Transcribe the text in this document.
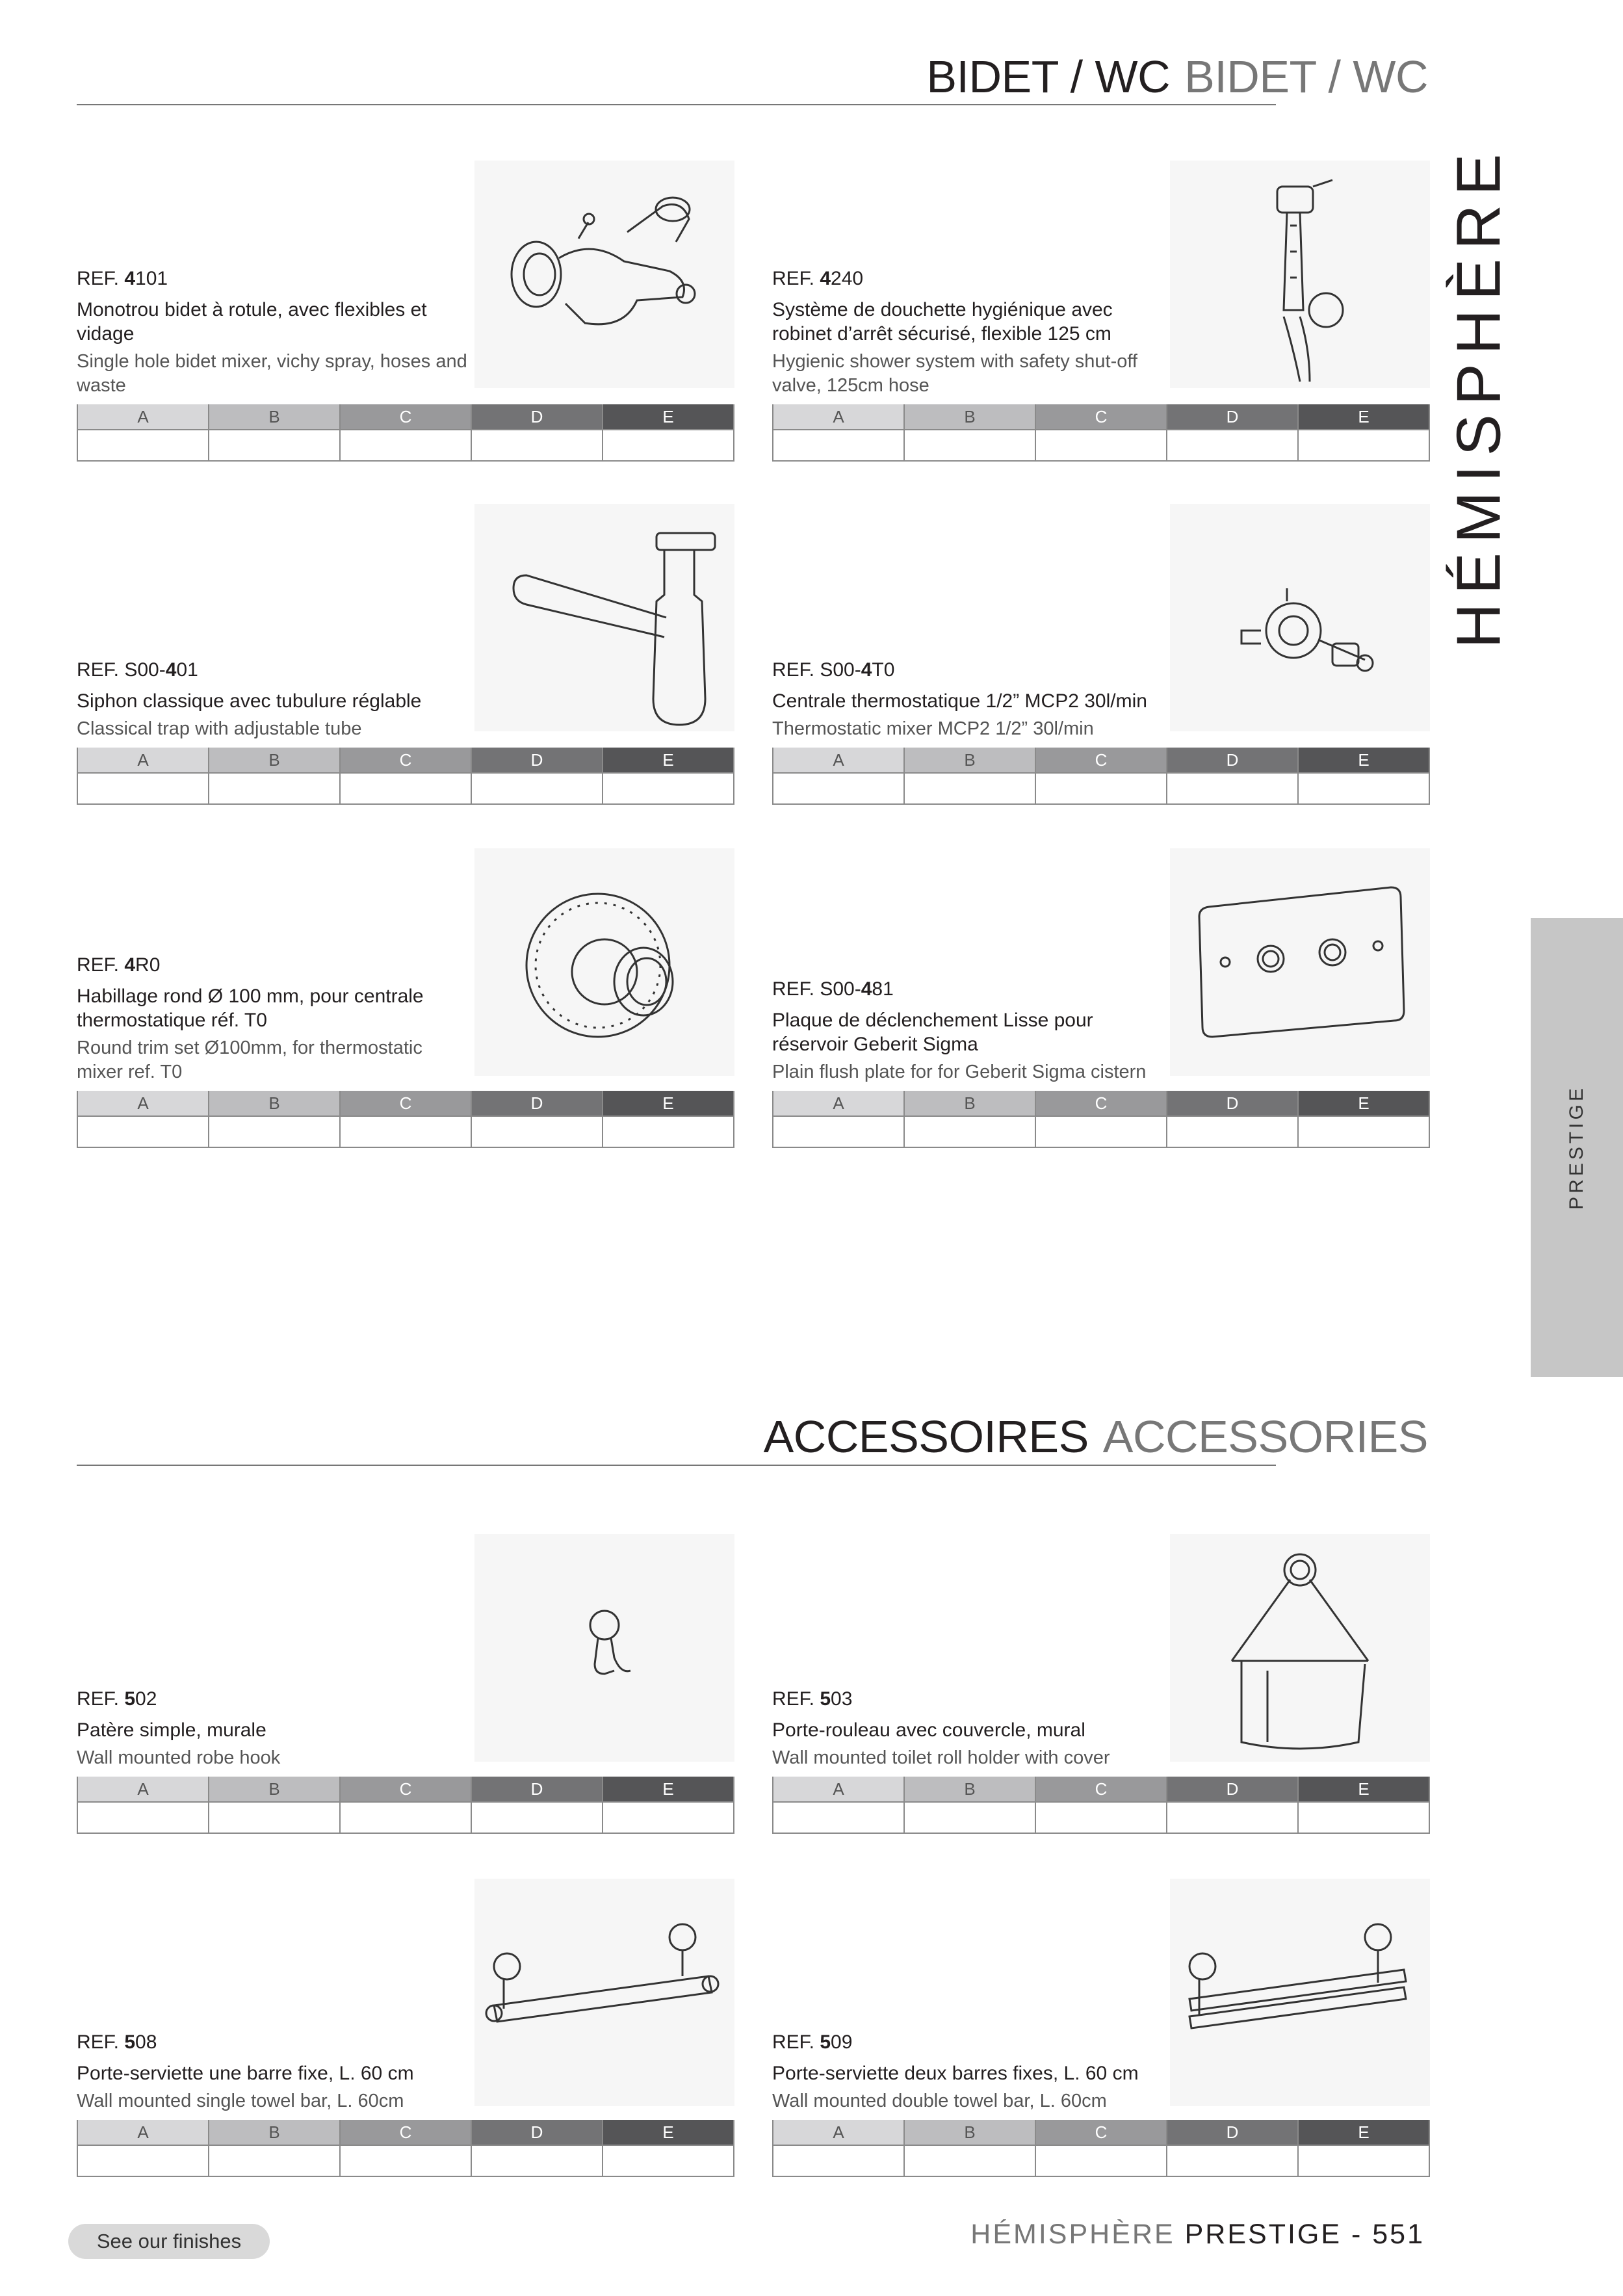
BIDET / WC BIDET / WC
ACCESSOIRES ACCESSORIES
HÉMISPHÈRE
PRESTIGE

REF. 4101

Monotrou bidet à rotule, avec flexibles et vidage

Single hole bidet mixer, vichy spray, hoses and waste

A	B	C	D	E

REF. 4240

Système de douchette hygiénique avec robinet d’arrêt sécurisé, flexible 125 cm

Hygienic shower system with safety shut-off valve, 125cm hose

A	B	C	D	E

REF. S00-401

Siphon classique avec tubulure réglable

Classical trap with adjustable tube

A	B	C	D	E

REF. S00-4T0

Centrale thermostatique 1/2” MCP2 30l/min

Thermostatic mixer MCP2 1/2” 30l/min

A	B	C	D	E

REF. 4R0

Habillage rond Ø 100 mm, pour centrale thermostatique réf. T0

Round trim set Ø100mm, for thermostatic mixer ref. T0

A	B	C	D	E

REF. S00-481

Plaque de déclenchement Lisse pour réservoir Geberit Sigma

Plain flush plate for for Geberit Sigma cistern

A	B	C	D	E

REF. 502

Patère simple, murale

Wall mounted robe hook

A	B	C	D	E

REF. 503

Porte-rouleau avec couvercle, mural

Wall mounted toilet roll holder with cover

A	B	C	D	E

REF. 508

Porte-serviette une barre fixe, L. 60 cm

Wall mounted single towel bar, L. 60cm

A	B	C	D	E

REF. 509

Porte-serviette deux barres fixes, L. 60 cm

Wall mounted double towel bar, L. 60cm

A	B	C	D	E

See our finishes	HÉMISPHÈRE PRESTIGE - 551
